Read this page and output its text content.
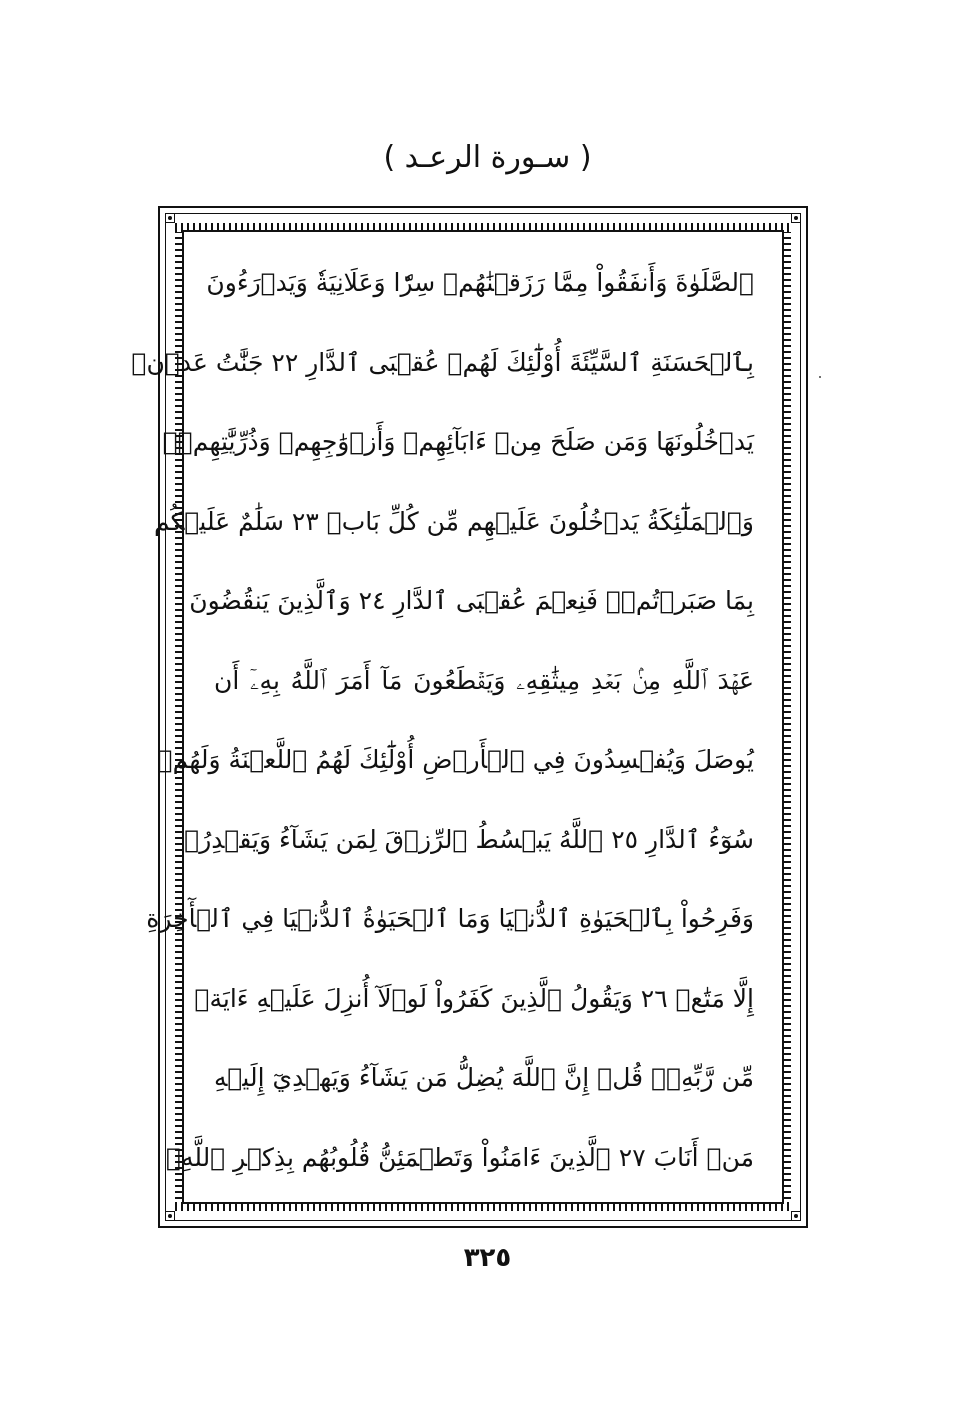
( سـورة الرعـد )
ٱلصَّلَوٰةَ وَأَنفَقُواْ مِمَّا رَزَقۡنَٰهُمۡ سِرّٗا وَعَلَانِيَةٗ وَيَدۡرَءُونَ
بِٱلۡحَسَنَةِ ٱلسَّيِّئَةَ أُوْلَٰٓئِكَ لَهُمۡ عُقۡبَى ٱلدَّارِ ٢٢ جَنَّٰتُ عَدۡنٖ
يَدۡخُلُونَهَا وَمَن صَلَحَ مِنۡ ءَابَآئِهِمۡ وَأَزۡوَٰجِهِمۡ وَذُرِّيَّٰتِهِمۡۖ
وَٱلۡمَلَٰٓئِكَةُ يَدۡخُلُونَ عَلَيۡهِم مِّن كُلِّ بَابٖ ٢٣ سَلَٰمٌ عَلَيۡكُم
بِمَا صَبَرۡتُمۡۚ فَنِعۡمَ عُقۡبَى ٱلدَّارِ ٢٤ وَٱلَّذِينَ يَنقُضُونَ
عَهۡدَ ٱللَّهِ مِنۢ بَعۡدِ مِيثَٰقِهِۦ وَيَقۡطَعُونَ مَآ أَمَرَ ٱللَّهُ بِهِۦٓ أَن
يُوصَلَ وَيُفۡسِدُونَ فِي ٱلۡأَرۡضِ أُوْلَٰٓئِكَ لَهُمُ ٱللَّعۡنَةُ وَلَهُمۡ
سُوٓءُ ٱلدَّارِ ٢٥ ٱللَّهُ يَبۡسُطُ ٱلرِّزۡقَ لِمَن يَشَآءُ وَيَقۡدِرُۚ
وَفَرِحُواْ بِٱلۡحَيَوٰةِ ٱلدُّنۡيَا وَمَا ٱلۡحَيَوٰةُ ٱلدُّنۡيَا فِي ٱلۡأٓخِرَةِ
إِلَّا مَتَٰعٞ ٢٦ وَيَقُولُ ٱلَّذِينَ كَفَرُواْ لَوۡلَآ أُنزِلَ عَلَيۡهِ ءَايَةٞ
مِّن رَّبِّهِۦۚ قُلۡ إِنَّ ٱللَّهَ يُضِلُّ مَن يَشَآءُ وَيَهۡدِيٓ إِلَيۡهِ
مَنۡ أَنَابَ ٢٧ ٱلَّذِينَ ءَامَنُواْ وَتَطۡمَئِنُّ قُلُوبُهُم بِذِكۡرِ ٱللَّهِۗ
٣٢٥
